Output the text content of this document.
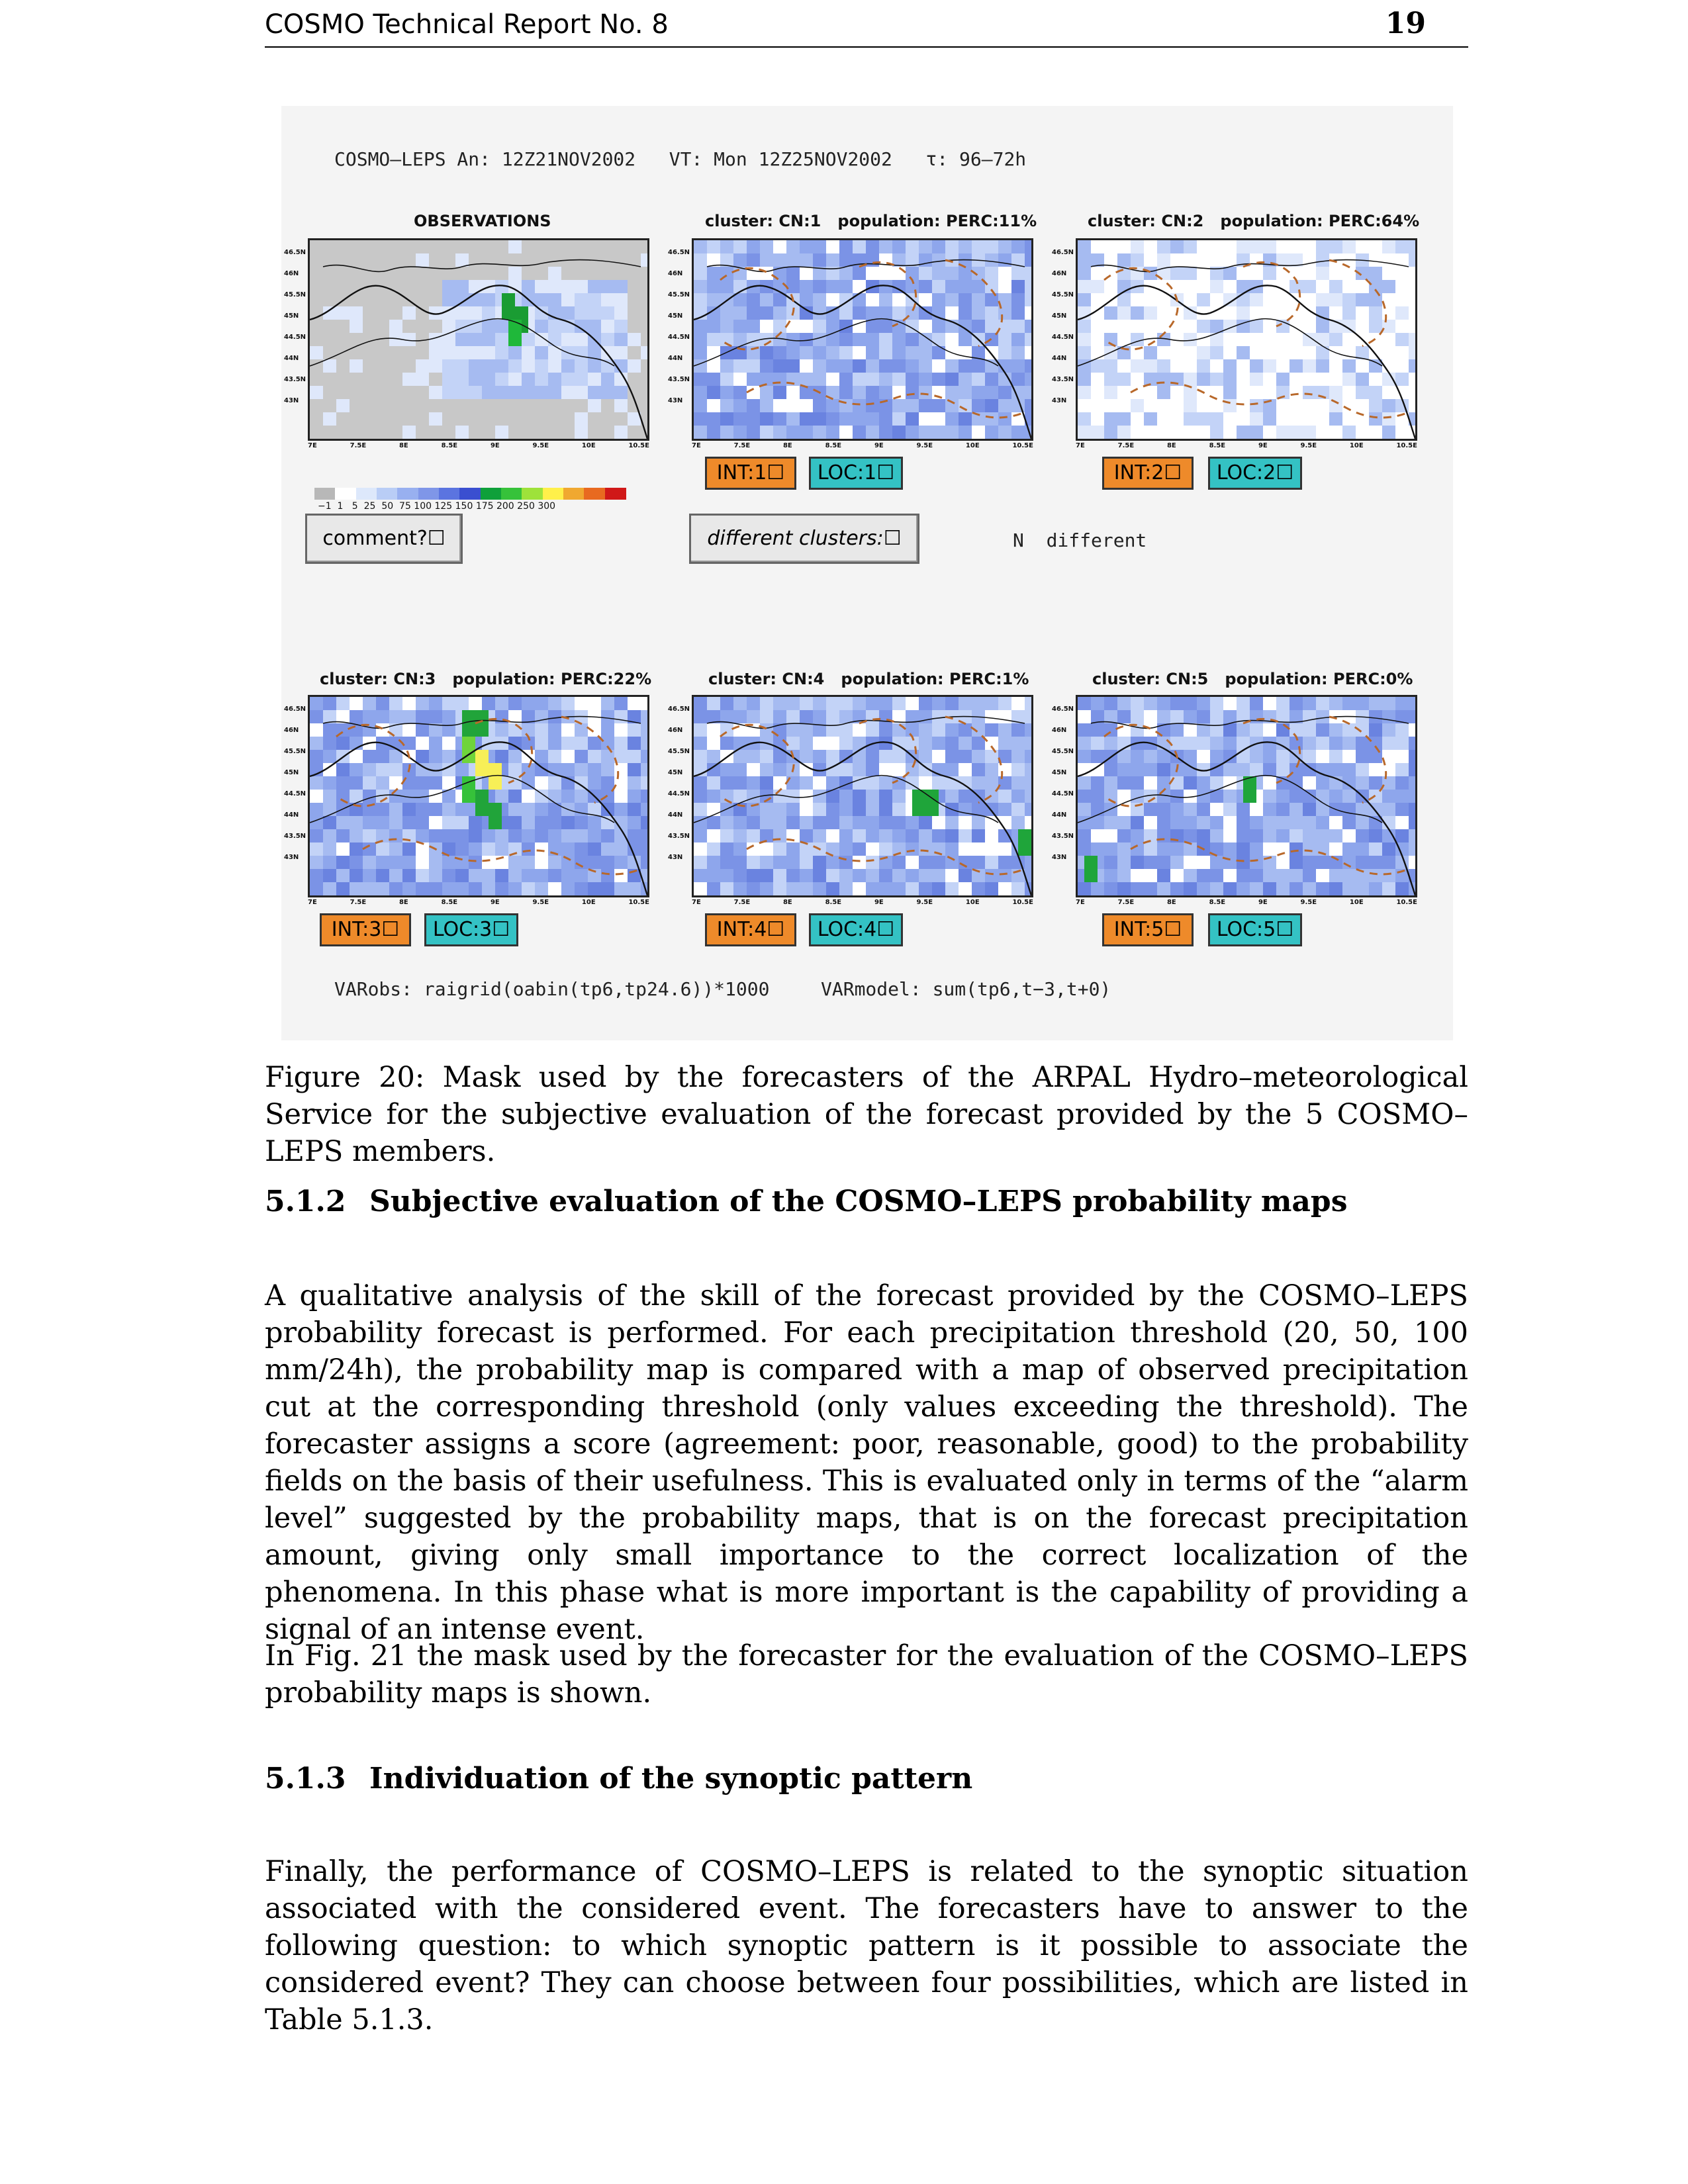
COSMO Technical Report No. 8	19
COSMO–LEPS An: 12Z21NOV2002   VT: Mon 12Z25NOV2002   τ: 96–72h
OBSERVATIONS	cluster: CN:1   population: PERC:11%	cluster: CN:2   population: PERC:64%
46.5N
46N
45.5N
45N
44.5N
44N
43.5N
43N
7E	7.5E	8E	8.5E	9E	9.5E	10E	10.5E
46.5N
46N
45.5N
45N
44.5N
44N
43.5N
43N
7E	7.5E	8E	8.5E	9E	9.5E	10E	10.5E
46.5N
46N
45.5N
45N
44.5N
44N
43.5N
43N
7E	7.5E	8E	8.5E	9E	9.5E	10E	10.5E
INT:1☐	LOC:1☐	INT:2☐	LOC:2☐
−1  1   5  25  50  75 100 125 150 175 200 250 300
comment?☐	different clusters:☐	N  different
cluster: CN:3   population: PERC:22%	cluster: CN:4   population: PERC:1%	cluster: CN:5   population: PERC:0%
46.5N
46N
45.5N
45N
44.5N
44N
43.5N
43N
7E	7.5E	8E	8.5E	9E	9.5E	10E	10.5E
46.5N
46N
45.5N
45N
44.5N
44N
43.5N
43N
7E	7.5E	8E	8.5E	9E	9.5E	10E	10.5E
46.5N
46N
45.5N
45N
44.5N
44N
43.5N
43N
7E	7.5E	8E	8.5E	9E	9.5E	10E	10.5E
INT:3☐	LOC:3☐	INT:4☐	LOC:4☐	INT:5☐	LOC:5☐
VARobs: raigrid(oabin(tp6,tp24.6))*1000	VARmodel: sum(tp6,t−3,t+0)
Figure 20: Mask used by the forecasters of the ARPAL Hydro–meteorological Service for the subjective evaluation of the forecast provided by the 5 COSMO–LEPS members.
5.1.2 Subjective evaluation of the COSMO–LEPS probability maps
A qualitative analysis of the skill of the forecast provided by the COSMO–LEPS probability forecast is performed. For each precipitation threshold (20, 50, 100 mm/24h), the probability map is compared with a map of observed precipitation cut at the corresponding threshold (only values exceeding the threshold). The forecaster assigns a score (agreement: poor, reasonable, good) to the probability fields on the basis of their usefulness. This is evaluated only in terms of the “alarm level” suggested by the probability maps, that is on the forecast precipitation amount, giving only small importance to the correct localization of the phenomena. In this phase what is more important is the capability of providing a signal of an intense event.
In Fig. 21 the mask used by the forecaster for the evaluation of the COSMO–LEPS probability maps is shown.
5.1.3 Individuation of the synoptic pattern
Finally, the performance of COSMO–LEPS is related to the synoptic situation associated with the considered event. The forecasters have to answer to the following question: to which synoptic pattern is it possible to associate the considered event? They can choose between four possibilities, which are listed in Table 5.1.3.
